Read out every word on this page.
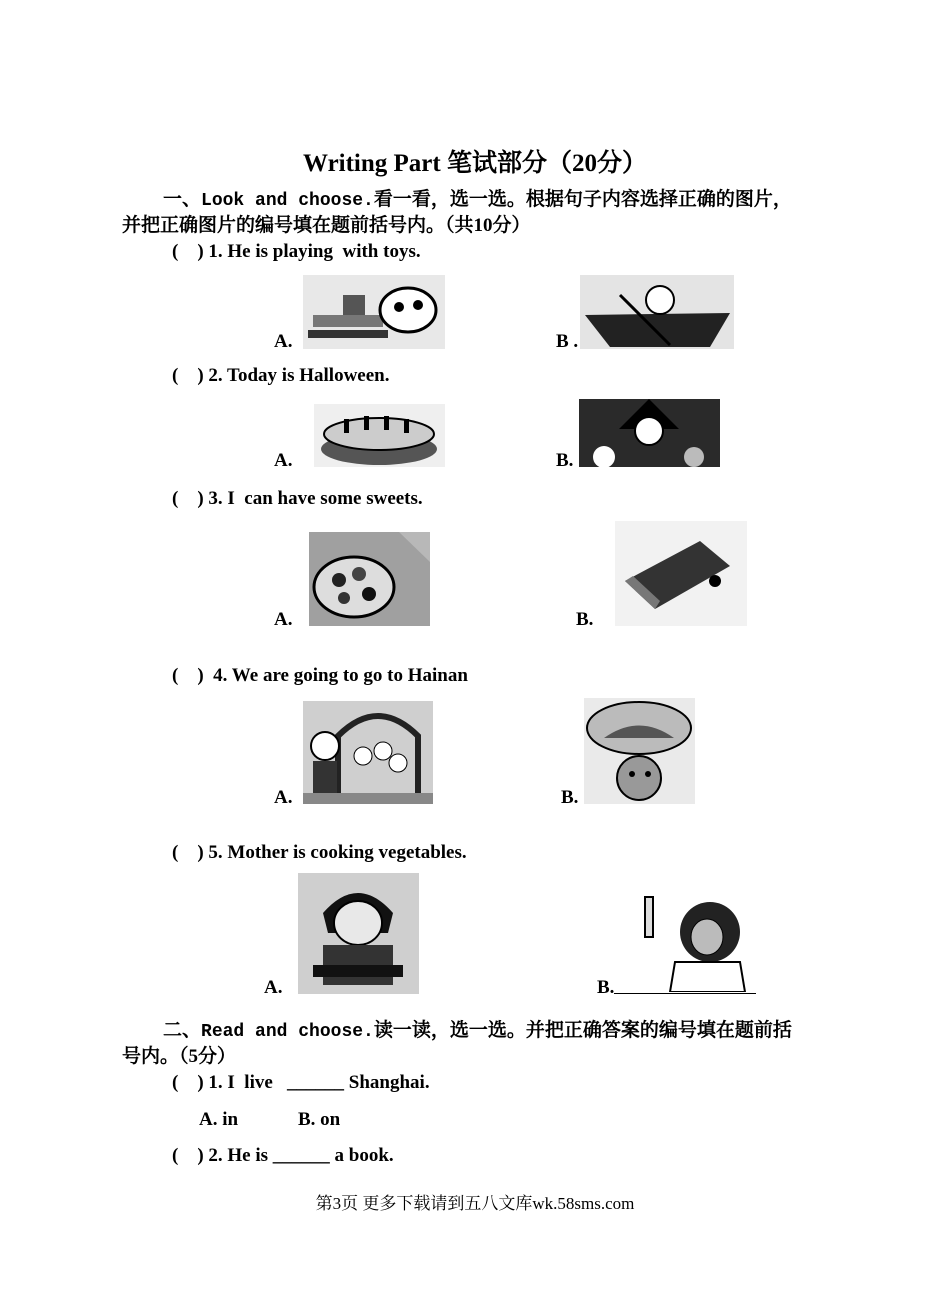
Writing Part 笔试部分（20分）
一、Look and choose.看一看，选一选。根据句子内容选择正确的图片，
并把正确图片的编号填在题前括号内。（共10分）
(    ) 1. He is playing  with toys.
A.	B .
(    ) 2. Today is Halloween.
A.	B.
(    ) 3. I  can have some sweets.
A.	B.
(    )  4. We are going to go to Hainan
A.	B.
(    ) 5. Mother is cooking vegetables.
A.	B.
二、Read and choose.读一读，选一选。并把正确答案的编号填在题前括
号内。（5分）
(    ) 1. I  live   ______ Shanghai.
A. in	B. on
(    ) 2. He is ______ a book.
第3页 更多下载请到五八文库wk.58sms.com
